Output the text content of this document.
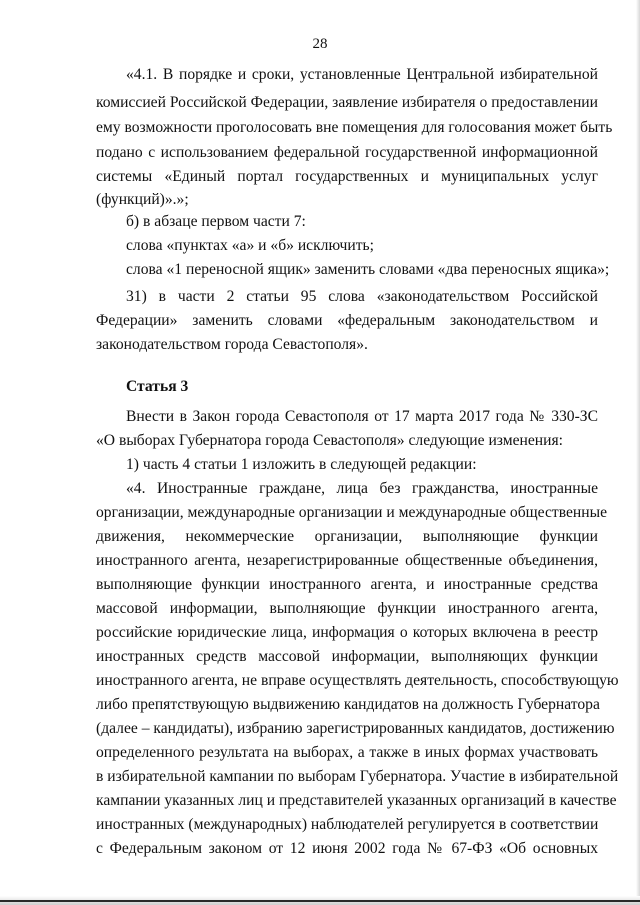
28
«4.1. В порядке и сроки, установленные Центральной избирательной
комиссией Российской Федерации, заявление избирателя о предоставлении
ему возможности проголосовать вне помещения для голосования может быть
подано с использованием федеральной государственной информационной
системы «Единый портал государственных и муниципальных услуг
(функций)».»;
б) в абзаце первом части 7:
слова «пунктах «а» и «б» исключить;
слова «1 переносной ящик» заменить словами «два переносных ящика»;
31) в части 2 статьи 95 слова «законодательством Российской
Федерации» заменить словами «федеральным законодательством и
законодательством города Севастополя».
Статья 3
Внести в Закон города Севастополя от 17 марта 2017 года № 330-ЗС
«О выборах Губернатора города Севастополя» следующие изменения:
1) часть 4 статьи 1 изложить в следующей редакции:
«4. Иностранные граждане, лица без гражданства, иностранные
организации, международные организации и международные общественные
движения, некоммерческие организации, выполняющие функции
иностранного агента, незарегистрированные общественные объединения,
выполняющие функции иностранного агента, и иностранные средства
массовой информации, выполняющие функции иностранного агента,
российские юридические лица, информация о которых включена в реестр
иностранных средств массовой информации, выполняющих функции
иностранного агента, не вправе осуществлять деятельность, способствующую
либо препятствующую выдвижению кандидатов на должность Губернатора
(далее – кандидаты), избранию зарегистрированных кандидатов, достижению
определенного результата на выборах, а также в иных формах участвовать
в избирательной кампании по выборам Губернатора. Участие в избирательной
кампании указанных лиц и представителей указанных организаций в качестве
иностранных (международных) наблюдателей регулируется в соответствии
с Федеральным законом от 12 июня 2002 года № 67-ФЗ «Об основных
